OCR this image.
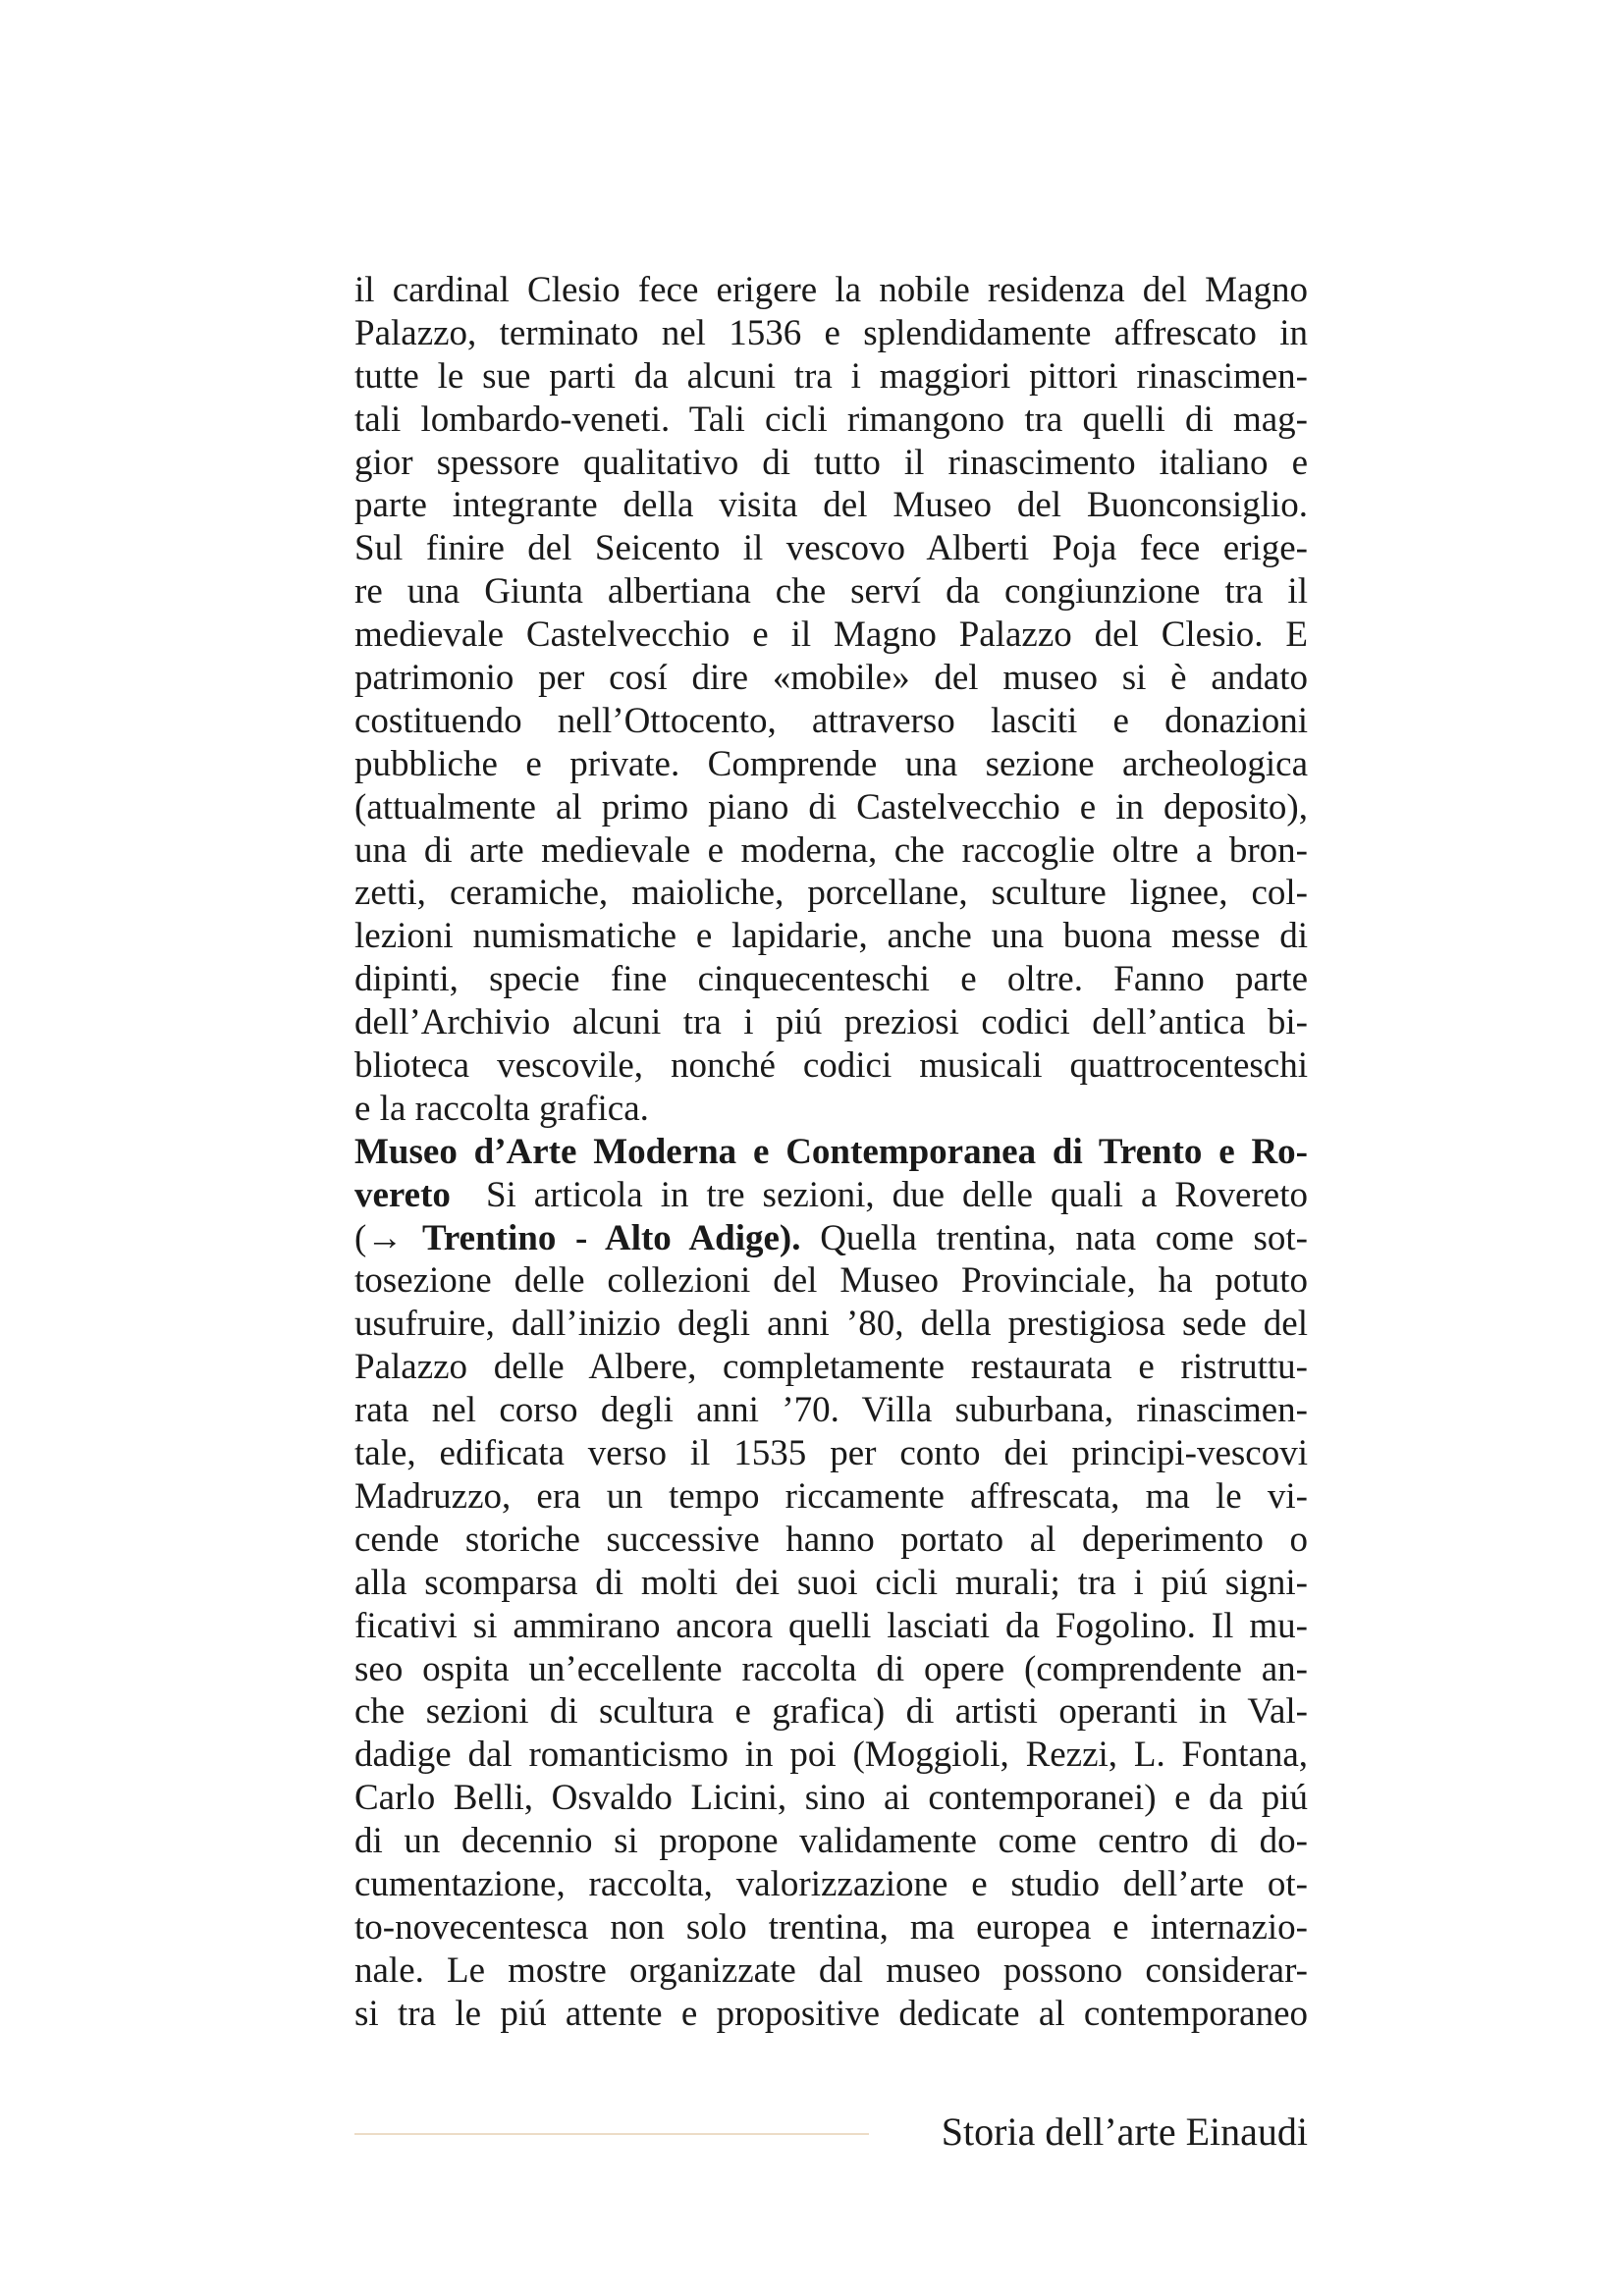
il cardinal Clesio fece erigere la nobile residenza del Magno
Palazzo, terminato nel 1536 e splendidamente affrescato in
tutte le sue parti da alcuni tra i maggiori pittori rinascimen-
tali lombardo-veneti. Tali cicli rimangono tra quelli di mag-
gior spessore qualitativo di tutto il rinascimento italiano e
parte integrante della visita del Museo del Buonconsiglio.
Sul finire del Seicento il vescovo Alberti Poja fece erige-
re una Giunta albertiana che serví da congiunzione tra il
medievale Castelvecchio e il Magno Palazzo del Clesio. E
patrimonio per cosí dire «mobile» del museo si è andato
costituendo nell’Ottocento, attraverso lasciti e donazioni
pubbliche e private. Comprende una sezione archeologica
(attualmente al primo piano di Castelvecchio e in deposito),
una di arte medievale e moderna, che raccoglie oltre a bron-
zetti, ceramiche, maioliche, porcellane, sculture lignee, col-
lezioni numismatiche e lapidarie, anche una buona messe di
dipinti, specie fine cinquecenteschi e oltre. Fanno parte
dell’Archivio alcuni tra i piú preziosi codici dell’antica bi-
blioteca vescovile, nonché codici musicali quattrocenteschi
e la raccolta grafica.
Museo d’Arte Moderna e Contemporanea di Trento e Ro-
vereto Si articola in tre sezioni, due delle quali a Rovereto
(→ Trentino - Alto Adige). Quella trentina, nata come sot-
tosezione delle collezioni del Museo Provinciale, ha potuto
usufruire, dall’inizio degli anni ’80, della prestigiosa sede del
Palazzo delle Albere, completamente restaurata e ristruttu-
rata nel corso degli anni ’70. Villa suburbana, rinascimen-
tale, edificata verso il 1535 per conto dei principi-vescovi
Madruzzo, era un tempo riccamente affrescata, ma le vi-
cende storiche successive hanno portato al deperimento o
alla scomparsa di molti dei suoi cicli murali; tra i piú signi-
ficativi si ammirano ancora quelli lasciati da Fogolino. Il mu-
seo ospita un’eccellente raccolta di opere (comprendente an-
che sezioni di scultura e grafica) di artisti operanti in Val-
dadige dal romanticismo in poi (Moggioli, Rezzi, L. Fontana,
Carlo Belli, Osvaldo Licini, sino ai contemporanei) e da piú
di un decennio si propone validamente come centro di do-
cumentazione, raccolta, valorizzazione e studio dell’arte ot-
to-novecentesca non solo trentina, ma europea e internazio-
nale. Le mostre organizzate dal museo possono considerar-
si tra le piú attente e propositive dedicate al contemporaneo
Storia dell’arte Einaudi
